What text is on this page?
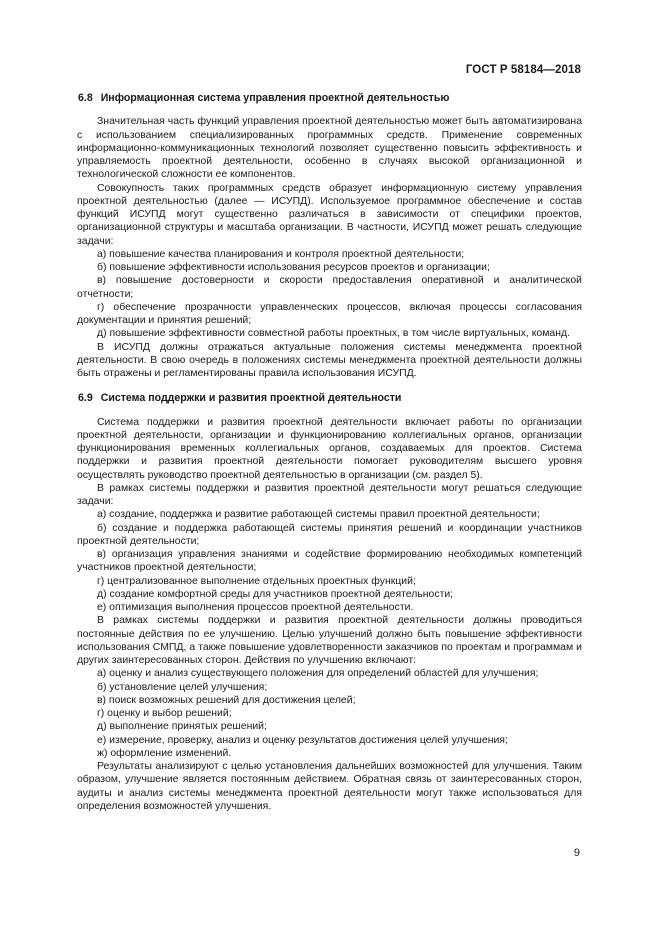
ГОСТ Р 58184—2018
6.8 Информационная система управления проектной деятельностью

Значительная часть функций управления проектной деятельностью может быть автоматизирована с использованием специализированных программных средств. Применение современных информационно-коммуникационных технологий позволяет существенно повысить эффективность и управляемость проектной деятельности, особенно в случаях высокой организационной и технологической сложности ее компонентов.

Совокупность таких программных средств образует информационную систему управления проектной деятельностью (далее — ИСУПД). Используемое программное обеспечение и состав функций ИСУПД могут существенно различаться в зависимости от специфики проектов, организационной структуры и масштаба организации. В частности, ИСУПД может решать следующие задачи:

а) повышение качества планирования и контроля проектной деятельности;

б) повышение эффективности использования ресурсов проектов и организации;

в) повышение достоверности и скорости предоставления оперативной и аналитической отчетности;

г) обеспечение прозрачности управленческих процессов, включая процессы согласования документации и принятия решений;

д) повышение эффективности совместной работы проектных, в том числе виртуальных, команд.

В ИСУПД должны отражаться актуальные положения системы менеджмента проектной деятельности. В свою очередь в положениях системы менеджмента проектной деятельности должны быть отражены и регламентированы правила использования ИСУПД.

6.9 Система поддержки и развития проектной деятельности

Система поддержки и развития проектной деятельности включает работы по организации проектной деятельности, организации и функционированию коллегиальных органов, организации функционирования временных коллегиальных органов, создаваемых для проектов. Система поддержки и развития проектной деятельности помогает руководителям высшего уровня осуществлять руководство проектной деятельностью в организации (см. раздел 5).

В рамках системы поддержки и развития проектной деятельности могут решаться следующие задачи:

а) создание, поддержка и развитие работающей системы правил проектной деятельности;

б) создание и поддержка работающей системы принятия решений и координации участников проектной деятельности;

в) организация управления знаниями и содействие формированию необходимых компетенций участников проектной деятельности;

г) централизованное выполнение отдельных проектных функций;

д) создание комфортной среды для участников проектной деятельности;

е) оптимизация выполнения процессов проектной деятельности.

В рамках системы поддержки и развития проектной деятельности должны проводиться постоянные действия по ее улучшению. Целью улучшений должно быть повышение эффективности использования СМПД, а также повышение удовлетворенности заказчиков по проектам и программам и других заинтересованных сторон. Действия по улучшению включают:

а) оценку и анализ существующего положения для определений областей для улучшения;

б) установление целей улучшения;

в) поиск возможных решений для достижения целей;

г) оценку и выбор решений;

д) выполнение принятых решений;

е) измерение, проверку, анализ и оценку результатов достижения целей улучшения;

ж) оформление изменений.

Результаты анализируют с целью установления дальнейших возможностей для улучшения. Таким образом, улучшение является постоянным действием. Обратная связь от заинтересованных сторон, аудиты и анализ системы менеджмента проектной деятельности могут также использоваться для определения возможностей улучшения.

9
